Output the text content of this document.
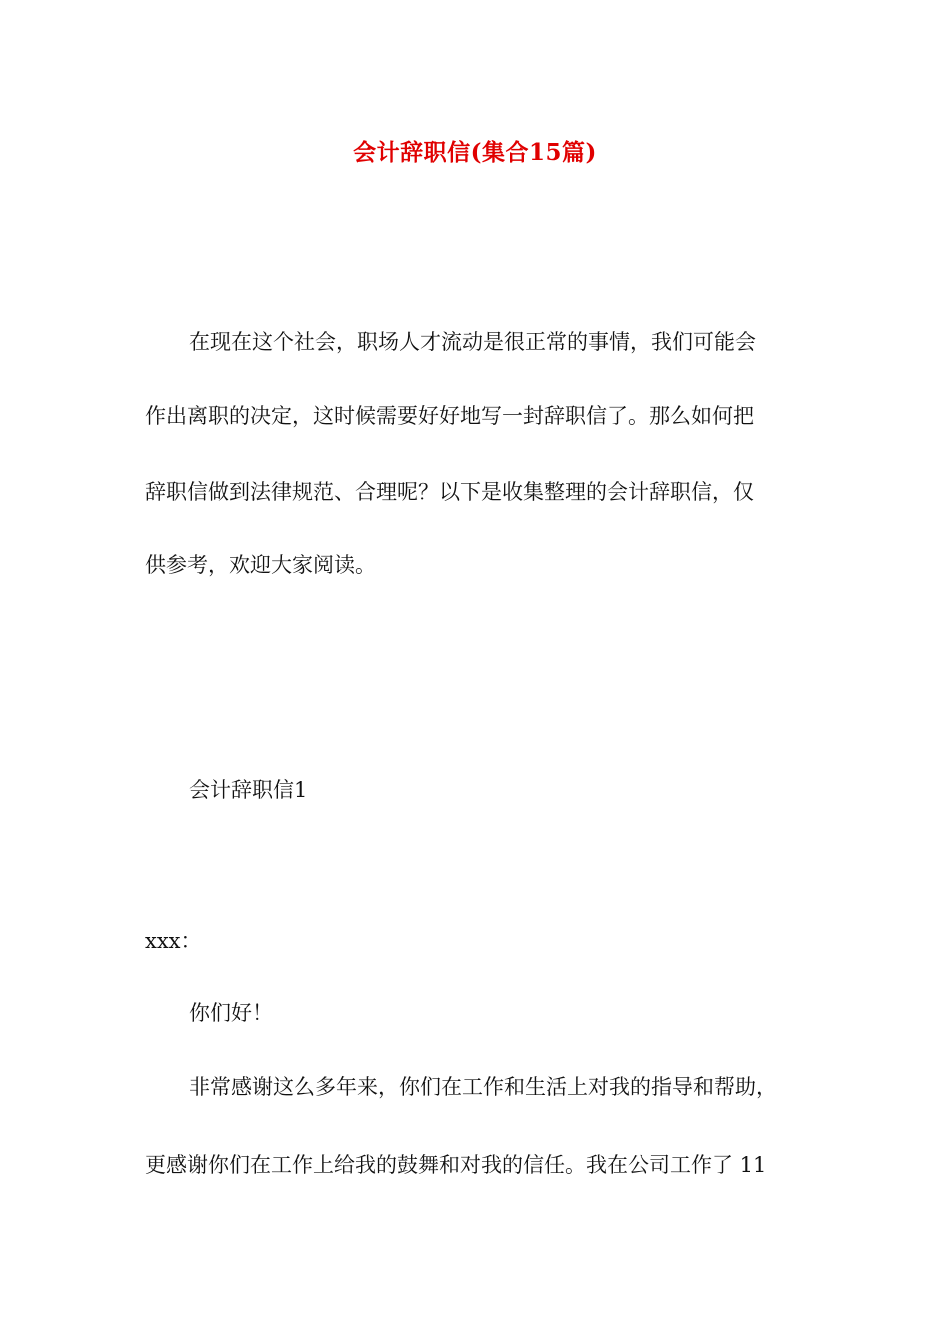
会计辞职信(集合15篇)
在现在这个社会，职场人才流动是很正常的事情，我们可能会
作出离职的决定，这时候需要好好地写一封辞职信了。那么如何把
辞职信做到法律规范、合理呢？以下是收集整理的会计辞职信，仅
供参考，欢迎大家阅读。
会计辞职信1
xxx：
你们好！
非常感谢这么多年来，你们在工作和生活上对我的指导和帮助，
更感谢你们在工作上给我的鼓舞和对我的信任。我在公司工作了 11
